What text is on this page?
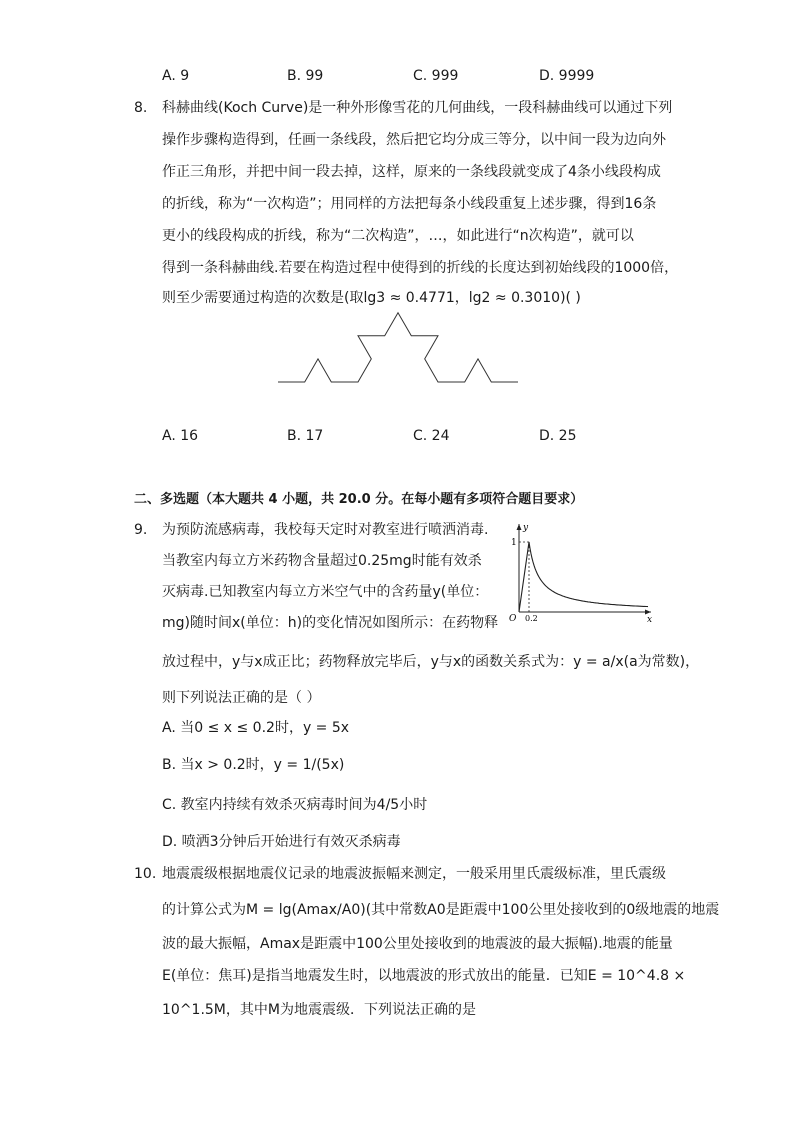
A. 9	B. 99	C. 999	D. 9999
8. 科赫曲线(Koch Curve)是一种外形像雪花的几何曲线，一段科赫曲线可以通过下列
操作步骤构造得到，任画一条线段，然后把它均分成三等分，以中间一段为边向外
作正三角形，并把中间一段去掉，这样，原来的一条线段就变成了4条小线段构成
的折线，称为“一次构造”；用同样的方法把每条小线段重复上述步骤，得到16条
更小的线段构成的折线，称为“二次构造”，…，如此进行“n次构造”，就可以
得到一条科赫曲线.若要在构造过程中使得到的折线的长度达到初始线段的1000倍，
则至少需要通过构造的次数是(取lg3 ≈ 0.4771，lg2 ≈ 0.3010)( )
A. 16	B. 17	C. 24	D. 25
二、多选题（本大题共 4 小题，共 20.0 分。在每小题有多项符合题目要求）
9. 为预防流感病毒，我校每天定时对教室进行喷洒消毒.
当教室内每立方米药物含量超过0.25mg时能有效杀
灭病毒.已知教室内每立方米空气中的含药量y(单位：
mg)随时间x(单位：h)的变化情况如图所示：在药物释
放过程中，y与x成正比；药物释放完毕后，y与x的函数关系式为：y = a/x(a为常数)，
则下列说法正确的是（ ）
y
x
O
1
0.2
A. 当0 ≤ x ≤ 0.2时，y = 5x
B. 当x > 0.2时，y = 1/(5x)
C. 教室内持续有效杀灭病毒时间为4/5小时
D. 喷洒3分钟后开始进行有效灭杀病毒
10. 地震震级根据地震仪记录的地震波振幅来测定，一般采用里氏震级标准，里氏震级
的计算公式为M = lg(Amax/A0)(其中常数A0是距震中100公里处接收到的0级地震的地震
波的最大振幅，Amax是距震中100公里处接收到的地震波的最大振幅).地震的能量
E(单位：焦耳)是指当地震发生时，以地震波的形式放出的能量．已知E = 10^4.8 ×
10^1.5M，其中M为地震震级．下列说法正确的是
